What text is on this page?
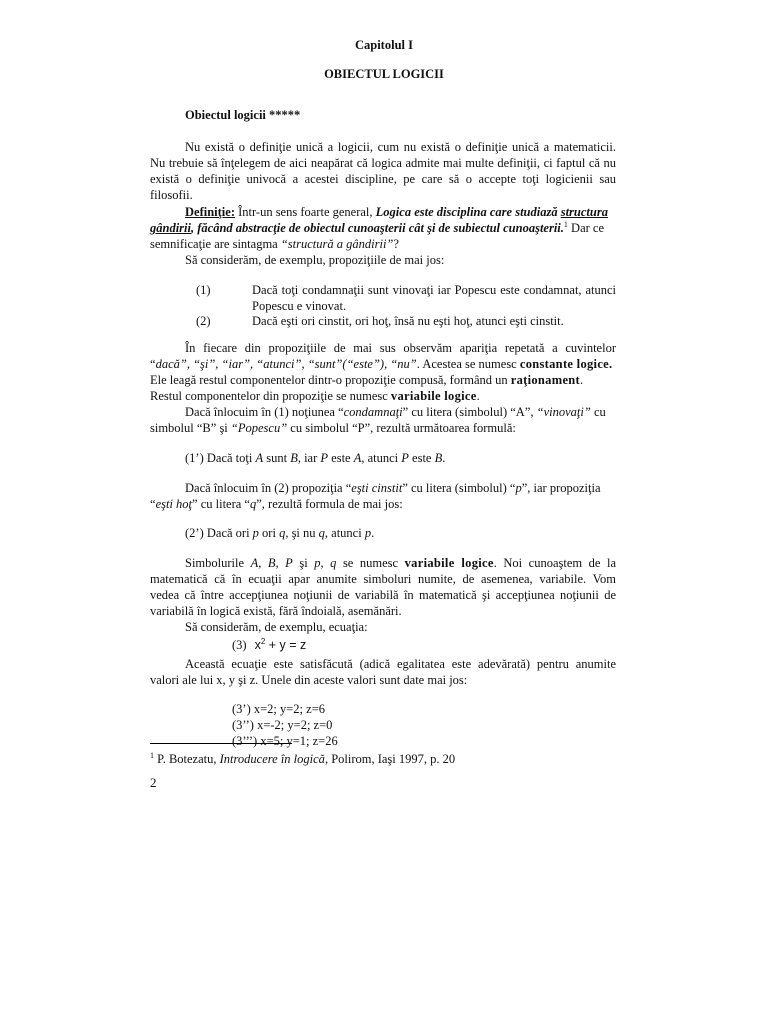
Capitolul I
OBIECTUL LOGICII
Obiectul logicii *****
Nu există o definiţie unică a logicii, cum nu există o definiţie unică a matematicii.
Nu trebuie să înţelegem de aici neapărat că logica admite mai multe definiţii, ci faptul că nu
există o definiţie univocă a acestei discipline, pe care să o accepte toţi logicienii sau
filosofii.
Definiţie: Într-un sens foarte general, Logica este disciplina care studiază structura
gândirii, făcând abstracţie de obiectul cunoaşterii cât şi de subiectul cunoaşterii.$^1$ Dar ce
semnificaţie are sintagma “structură a gândirii”?
Să considerăm, de exemplu, propoziţiile de mai jos:
(1)	Dacă toţi condamnaţii sunt vinovaţi iar Popescu este condamnat, atunci
Popescu e vinovat.
(2)	Dacă eşti ori cinstit, ori hoţ, însă nu eşti hoţ, atunci eşti cinstit.
În fiecare din propoziţiile de mai sus observăm apariţia repetată a cuvintelor
“dacă”, “şi”, “iar”, “atunci”, “sunt”(“este”), “nu”. Acestea se numesc constante logice.
Ele leagă restul componentelor dintr-o propoziţie compusă, formând un raţionament.
Restul componentelor din propoziţie se numesc variabile logice.
Dacă înlocuim în (1) noţiunea “condamnaţi” cu litera (simbolul) “A”, “vinovaţi” cu
simbolul “B” şi “Popescu” cu simbolul “P”, rezultă următoarea formulă:
(1’) Dacă toţi A sunt B, iar P este A, atunci P este B.
Dacă înlocuim în (2) propoziţia “eşti cinstit” cu litera (simbolul) “p”, iar propoziţia
“eşti hoţ” cu litera “q”, rezultă formula de mai jos:
(2’) Dacă ori p ori q, şi nu q, atunci p.
Simbolurile A, B, P şi p, q se numesc variabile logice. Noi cunoaştem de la
matematică că în ecuaţii apar anumite simboluri numite, de asemenea, variabile. Vom
vedea că între accepţiunea noţiunii de variabilă în matematică şi accepţiunea noţiunii de
variabilă în logică există, fără îndoială, asemănări.
Să considerăm, de exemplu, ecuaţia:
(3) $x^2 + y = z$
Această ecuaţie este satisfăcută (adică egalitatea este adevărată) pentru anumite
valori ale lui x, y şi z. Unele din aceste valori sunt date mai jos:
(3’) x=2; y=2; z=6
(3’’) x=-2; y=2; z=0
(3’’’) x=5; y=1; z=26
$^1$ P. Botezatu, Introducere în logică, Polirom, Iaşi 1997, p. 20
2
